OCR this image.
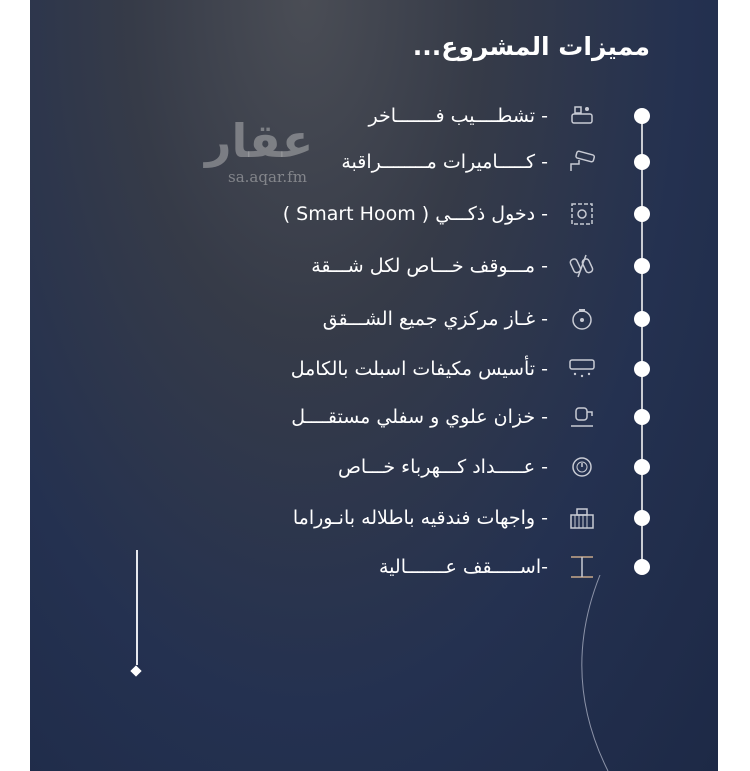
مميزات المشروع...
عقار
sa.aqar.fm
- تشطــــيب فـــــــاخر
- كـــــاميرات مــــــــراقبة
- دخول ذكـــي ( Smart Hoom )
- مـــوقف خـــاص لكل شـــقة
- غـاز مركزي جميع الشـــقق
- تأسيس مكيفات اسبلت بالكامل
- خزان علوي و سفلي مستقــــل
- عـــــداد كـــهرباء خـــاص
- واجهات فندقيه باطلاله بانـوراما
-اســـــقف عـــــــالية
